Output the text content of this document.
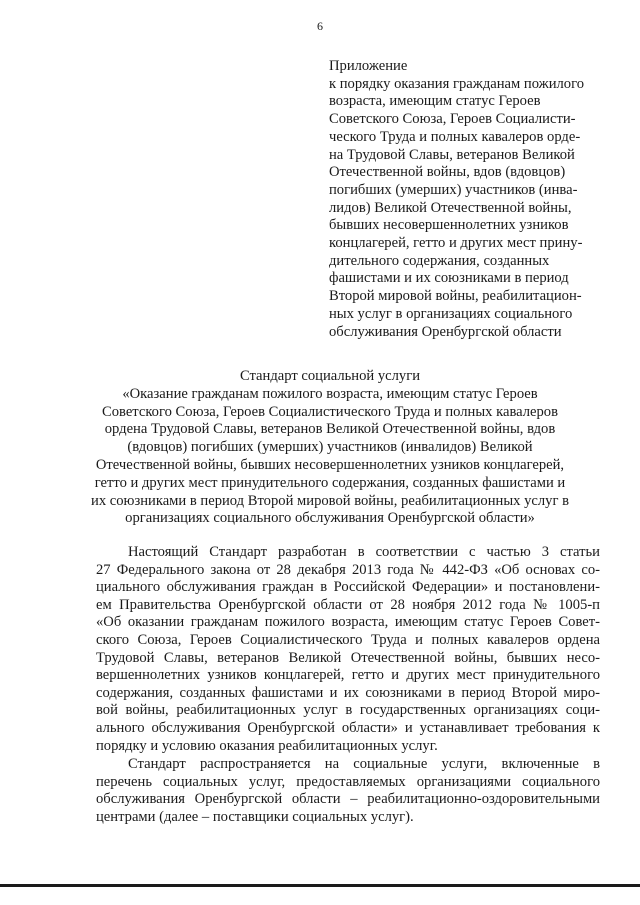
6
Приложение
к порядку оказания гражданам пожилого
возраста, имеющим статус Героев
Советского Союза, Героев Социалисти-
ческого Труда и полных кавалеров орде-
на Трудовой Славы, ветеранов Великой
Отечественной войны, вдов (вдовцов)
погибших (умерших) участников (инва-
лидов) Великой Отечественной войны,
бывших несовершеннолетних узников
концлагерей, гетто и других мест прину-
дительного содержания, созданных
фашистами и их союзниками в период
Второй мировой войны, реабилитацион-
ных услуг в организациях социального
обслуживания Оренбургской области
Стандарт социальной услуги
«Оказание гражданам пожилого возраста, имеющим статус Героев
Советского Союза, Героев Социалистического Труда и полных кавалеров
ордена Трудовой Славы, ветеранов Великой Отечественной войны, вдов
(вдовцов) погибших (умерших) участников (инвалидов) Великой
Отечественной войны, бывших несовершеннолетних узников концлагерей,
гетто и других мест принудительного содержания, созданных фашистами и
их союзниками в период Второй мировой войны, реабилитационных услуг в
организациях социального обслуживания Оренбургской области»
Настоящий Стандарт разработан в соответствии с частью 3 статьи
27 Федерального закона от 28 декабря 2013 года № 442-ФЗ «Об основах со-
циального обслуживания граждан в Российской Федерации» и постановлени-
ем Правительства Оренбургской области от 28 ноября 2012 года № 1005-п
«Об оказании гражданам пожилого возраста, имеющим статус Героев Совет-
ского Союза, Героев Социалистического Труда и полных кавалеров ордена
Трудовой Славы, ветеранов Великой Отечественной войны, бывших несо-
вершеннолетних узников концлагерей, гетто и других мест принудительного
содержания, созданных фашистами и их союзниками в период Второй миро-
вой войны, реабилитационных услуг в государственных организациях соци-
ального обслуживания Оренбургской области» и устанавливает требования к
порядку и условию оказания реабилитационных услуг.
Стандарт распространяется на социальные услуги, включенные в
перечень социальных услуг, предоставляемых организациями социального
обслуживания Оренбургской области – реабилитационно-оздоровительными
центрами (далее – поставщики социальных услуг).
